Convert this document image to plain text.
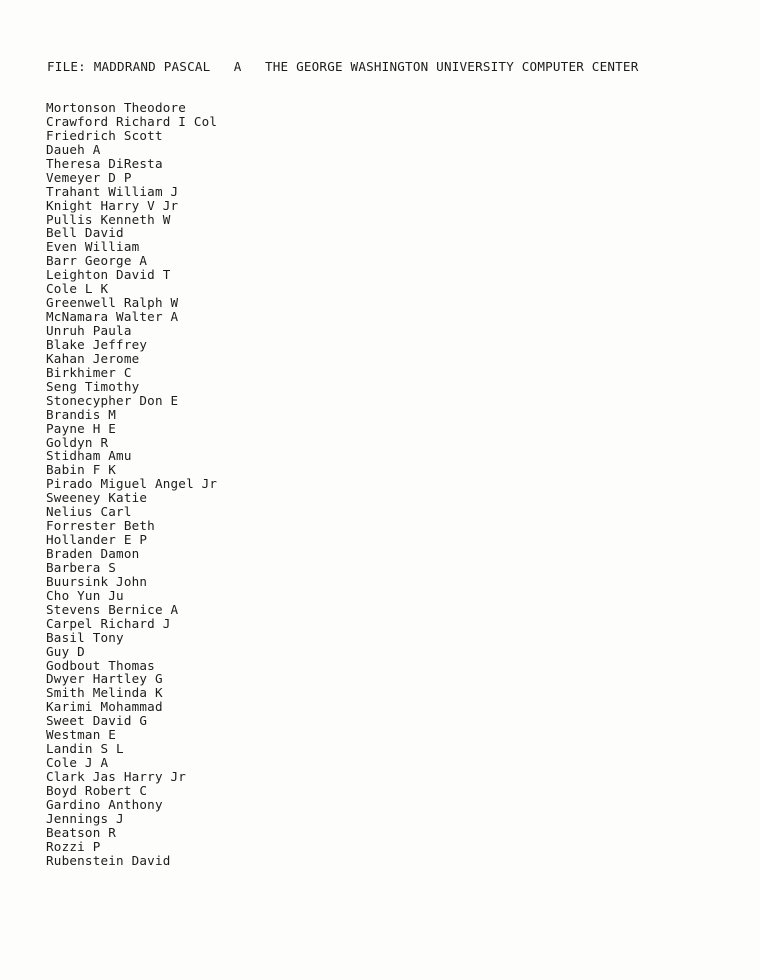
FILE: MADDRAND PASCAL A THE GEORGE WASHINGTON UNIVERSITY COMPUTER CENTER
Mortonson Theodore
Crawford Richard I Col
Friedrich Scott
Daueh A
Theresa DiResta
Vemeyer D P
Trahant William J
Knight Harry V Jr
Pullis Kenneth W
Bell David
Even William
Barr George A
Leighton David T
Cole L K
Greenwell Ralph W
McNamara Walter A
Unruh Paula
Blake Jeffrey
Kahan Jerome
Birkhimer C
Seng Timothy
Stonecypher Don E
Brandis M
Payne H E
Goldyn R
Stidham Amu
Babin F K
Pirado Miguel Angel Jr
Sweeney Katie
Nelius Carl
Forrester Beth
Hollander E P
Braden Damon
Barbera S
Buursink John
Cho Yun Ju
Stevens Bernice A
Carpel Richard J
Basil Tony
Guy D
Godbout Thomas
Dwyer Hartley G
Smith Melinda K
Karimi Mohammad
Sweet David G
Westman E
Landin S L
Cole J A
Clark Jas Harry Jr
Boyd Robert C
Gardino Anthony
Jennings J
Beatson R
Rozzi P
Rubenstein David
